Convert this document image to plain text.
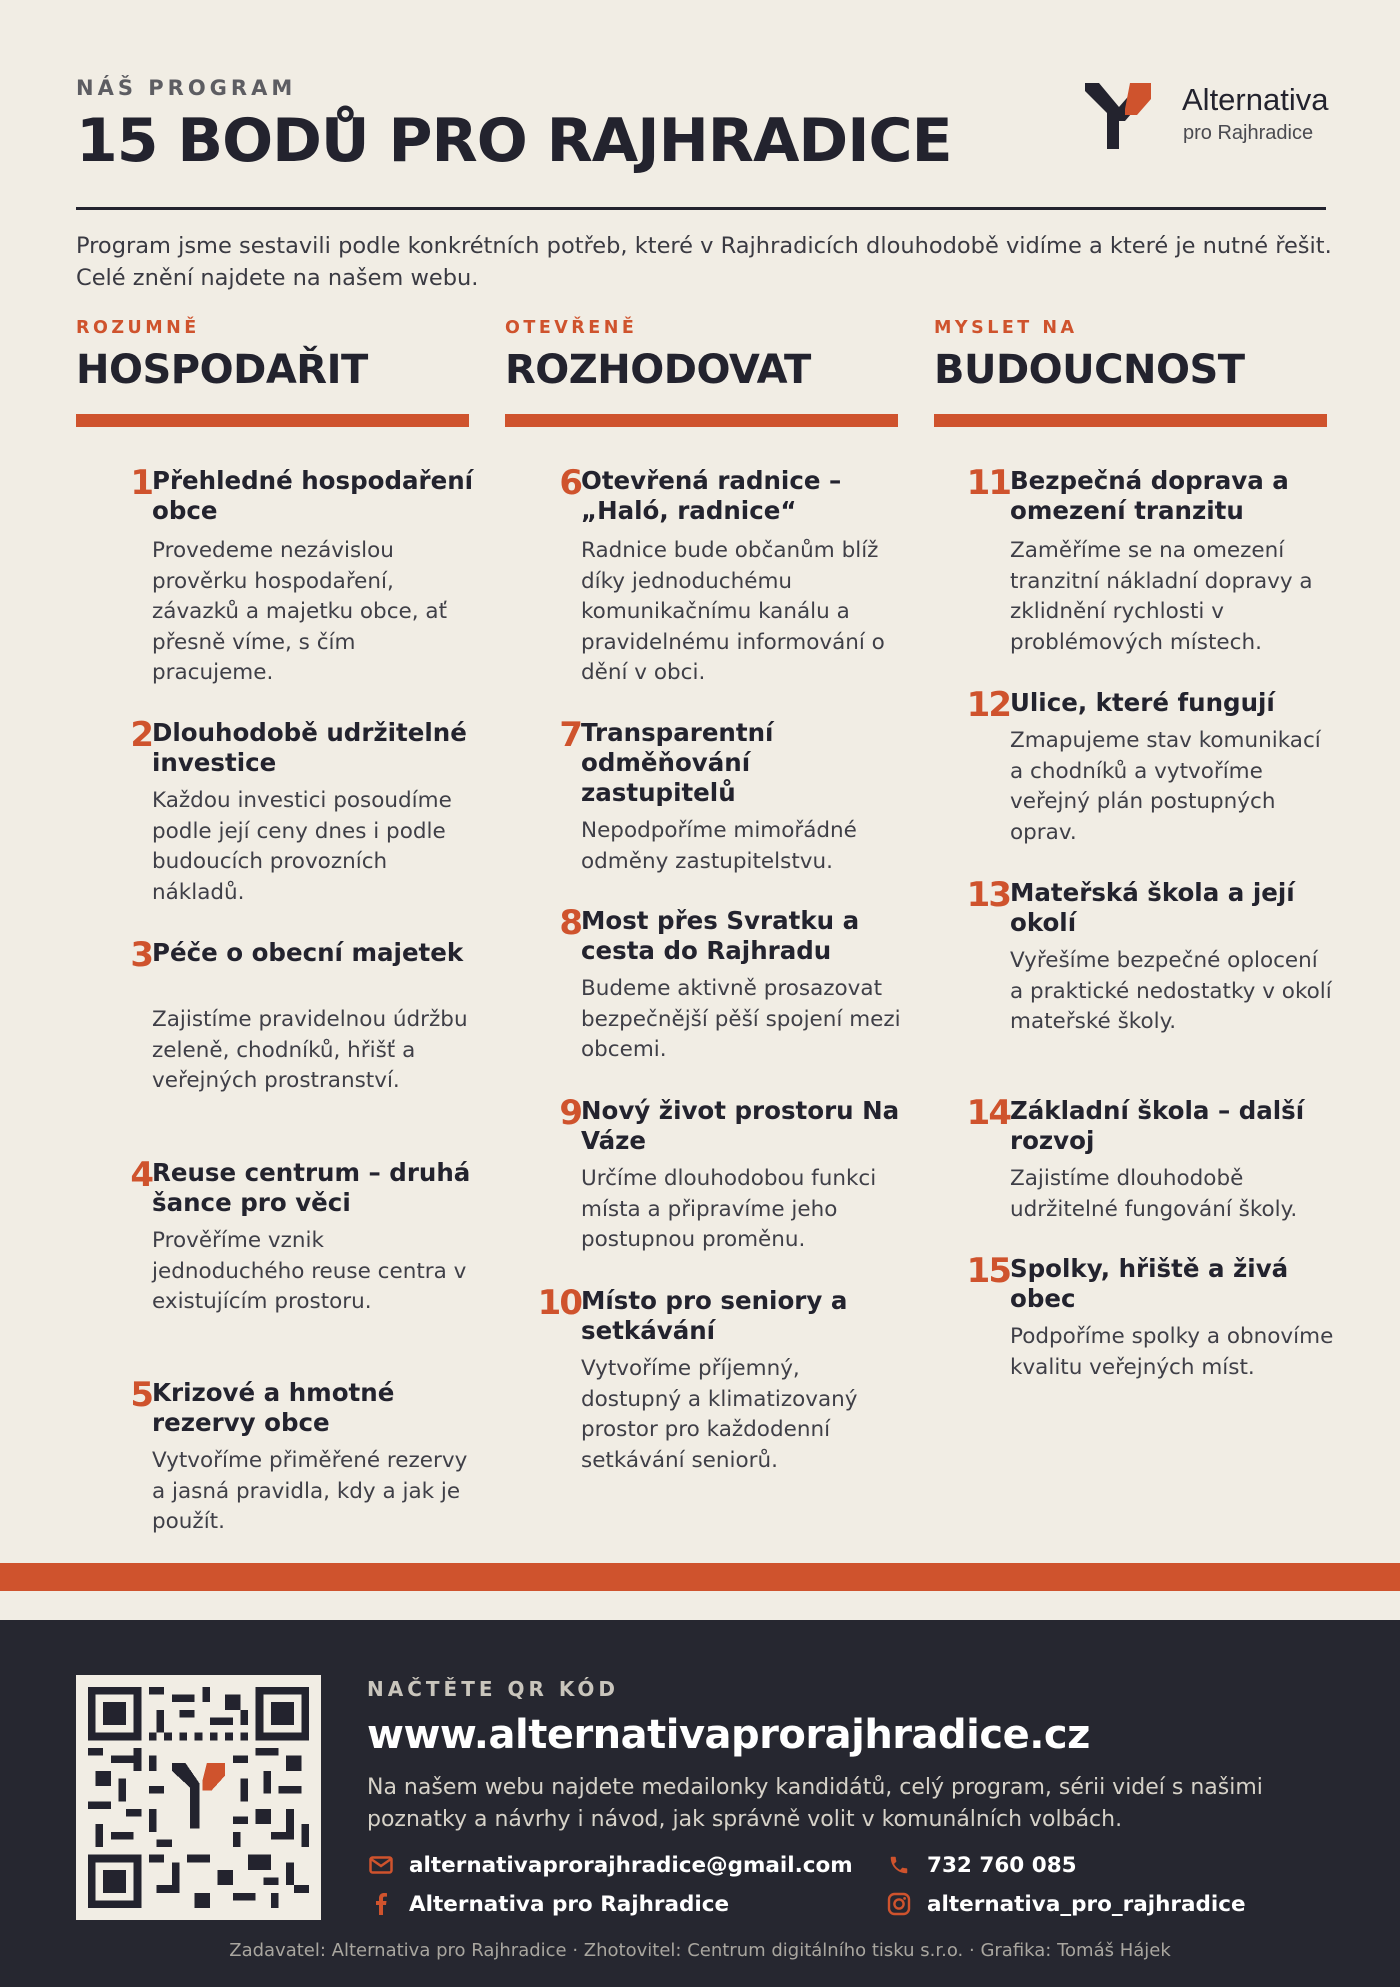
NÁŠ PROGRAM
15 BODŮ PRO RAJHRADICE
Alternativa
pro Rajhradice
Program jsme sestavili podle konkrétních potřeb, které v Rajhradicích dlouhodobě vidíme a které je nutné řešit. Celé znění najdete na našem webu.
ROZUMNĚ
HOSPODAŘIT
1 Přehledné hospodaření obce
Provedeme nezávislou prověrku hospodaření, závazků a majetku obce, ať přesně víme, s čím pracujeme.
2 Dlouhodobě udržitelné investice
Každou investici posoudíme podle její ceny dnes i podle budoucích provozních nákladů.
3 Péče o obecní majetek
Zajistíme pravidelnou údržbu zeleně, chodníků, hřišť a veřejných prostranství.
4 Reuse centrum – druhá šance pro věci
Prověříme vznik jednoduchého reuse centra v existujícím prostoru.
5 Krizové a hmotné rezervy obce
Vytvoříme přiměřené rezervy a jasná pravidla, kdy a jak je použít.
OTEVŘENĚ
ROZHODOVAT
6 Otevřená radnice – „Haló, radnice“
Radnice bude občanům blíž díky jednoduchému komunikačnímu kanálu a pravidelnému informování o dění v obci.
7 Transparentní odměňování zastupitelů
Nepodpoříme mimořádné odměny zastupitelstvu.
8 Most přes Svratku a cesta do Rajhradu
Budeme aktivně prosazovat bezpečnější pěší spojení mezi obcemi.
9 Nový život prostoru Na Váze
Určíme dlouhodobou funkci místa a připravíme jeho postupnou proměnu.
10 Místo pro seniory a setkávání
Vytvoříme příjemný, dostupný a klimatizovaný prostor pro každodenní setkávání seniorů.
MYSLET NA
BUDOUCNOST
11 Bezpečná doprava a omezení tranzitu
Zaměříme se na omezení tranzitní nákladní dopravy a zklidnění rychlosti v problémových místech.
12 Ulice, které fungují
Zmapujeme stav komunikací a chodníků a vytvoříme veřejný plán postupných oprav.
13 Mateřská škola a její okolí
Vyřešíme bezpečné oplocení a praktické nedostatky v okolí mateřské školy.
14 Základní škola – další rozvoj
Zajistíme dlouhodobě udržitelné fungování školy.
15 Spolky, hřiště a živá obec
Podpoříme spolky a obnovíme kvalitu veřejných míst.
NAČTĚTE QR KÓD
www.alternativaprorajhradice.cz
Na našem webu najdete medailonky kandidátů, celý program, sérii videí s našimi poznatky a návrhy i návod, jak správně volit v komunálních volbách.
alternativaprorajhradice@gmail.com	732 760 085
Alternativa pro Rajhradice	alternativa_pro_rajhradice
Zadavatel: Alternativa pro Rajhradice · Zhotovitel: Centrum digitálního tisku s.r.o. · Grafika: Tomáš Hájek
